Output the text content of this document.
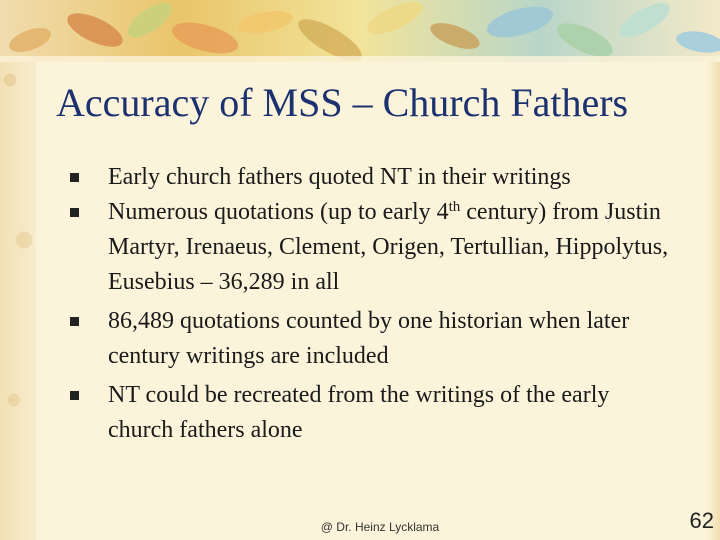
Accuracy of MSS – Church Fathers
Early church fathers quoted NT in their writings
Numerous quotations (up to early 4th century) from Justin Martyr, Irenaeus, Clement, Origen, Tertullian, Hippolytus, Eusebius – 36,289 in all
86,489 quotations counted by one historian when later century writings are included
NT could be recreated from the writings of the early church fathers alone
@ Dr. Heinz Lycklama	62
